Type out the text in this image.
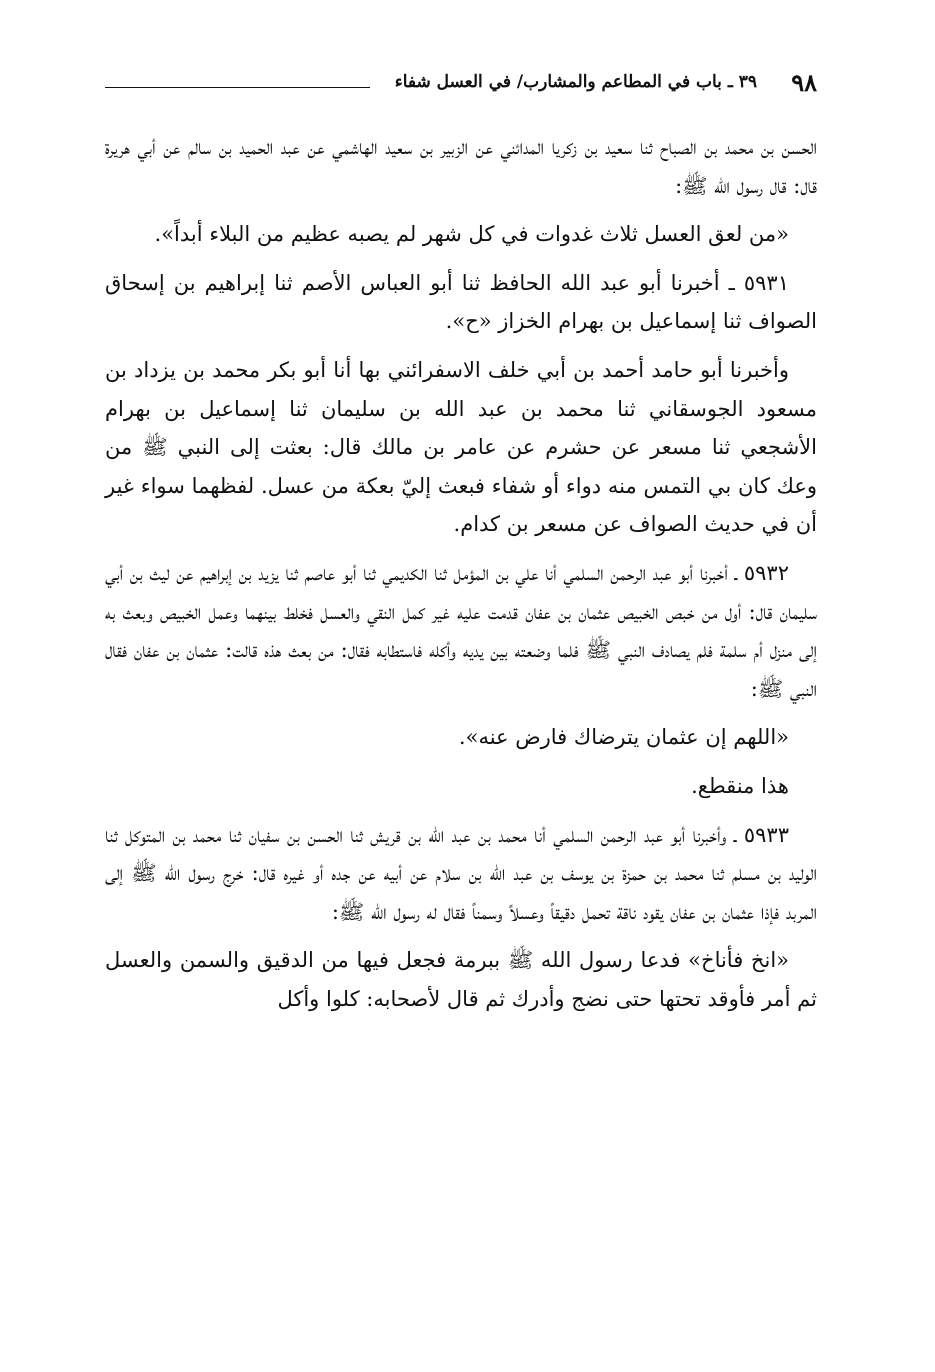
٩٨
٣٩ ـ باب في المطاعم والمشارب/ في العسل شفاء

الحسن بن محمد بن الصباح ثنا سعيد بن زكريا المدائني عن الزبير بن سعيد الهاشمي عن عبد الحميد بن سالم عن أبي هريرة قال: قال رسول الله ﷺ:

«من لعق العسل ثلاث غدوات في كل شهر لم يصبه عظيم من البلاء أبداً».

٥٩٣١ ـ أخبرنا أبو عبد الله الحافظ ثنا أبو العباس الأصم ثنا إبراهيم بن إسحاق الصواف ثنا إسماعيل بن بهرام الخزاز «ح».

وأخبرنا أبو حامد أحمد بن أبي خلف الاسفرائني بها أنا أبو بكر محمد بن يزداد بن مسعود الجوسقاني ثنا محمد بن عبد الله بن سليمان ثنا إسماعيل بن بهرام الأشجعي ثنا مسعر عن حشرم عن عامر بن مالك قال: بعثت إلى النبي ﷺ من وعك كان بي التمس منه دواء أو شفاء فبعث إليّ بعكة من عسل. لفظهما سواء غير أن في حديث الصواف عن مسعر بن كدام.

٥٩٣٢ ـ أخبرنا أبو عبد الرحمن السلمي أنا علي بن المؤمل ثنا الكديمي ثنا أبو عاصم ثنا يزيد بن إبراهيم عن ليث بن أبي سليمان قال: أول من خبص الخبيص عثمان بن عفان قدمت عليه غير كمل النقي والعسل فخلط بينهما وعمل الخبيص وبعث به إلى منزل أم سلمة فلم يصادف النبي ﷺ فلما وضعته بين يديه وأكله فاستطابه فقال: من بعث هذه قالت: عثمان بن عفان فقال النبي ﷺ:

«اللهم إن عثمان يترضاك فارض عنه».

هذا منقطع.

٥٩٣٣ ـ وأخبرنا أبو عبد الرحمن السلمي أنا محمد بن عبد الله بن قريش ثنا الحسن بن سفيان ثنا محمد بن المتوكل ثنا الوليد بن مسلم ثنا محمد بن حمزة بن يوسف بن عبد الله بن سلام عن أبيه عن جده أو غيره قال: خرج رسول الله ﷺ إلى المربد فإذا عثمان بن عفان يقود ناقة تحمل دقيقاً وعسلاً وسمناً فقال له رسول الله ﷺ:

«انخ فأناخ» فدعا رسول الله ﷺ ببرمة فجعل فيها من الدقيق والسمن والعسل ثم أمر فأوقد تحتها حتى نضج وأدرك ثم قال لأصحابه: كلوا وأكل
